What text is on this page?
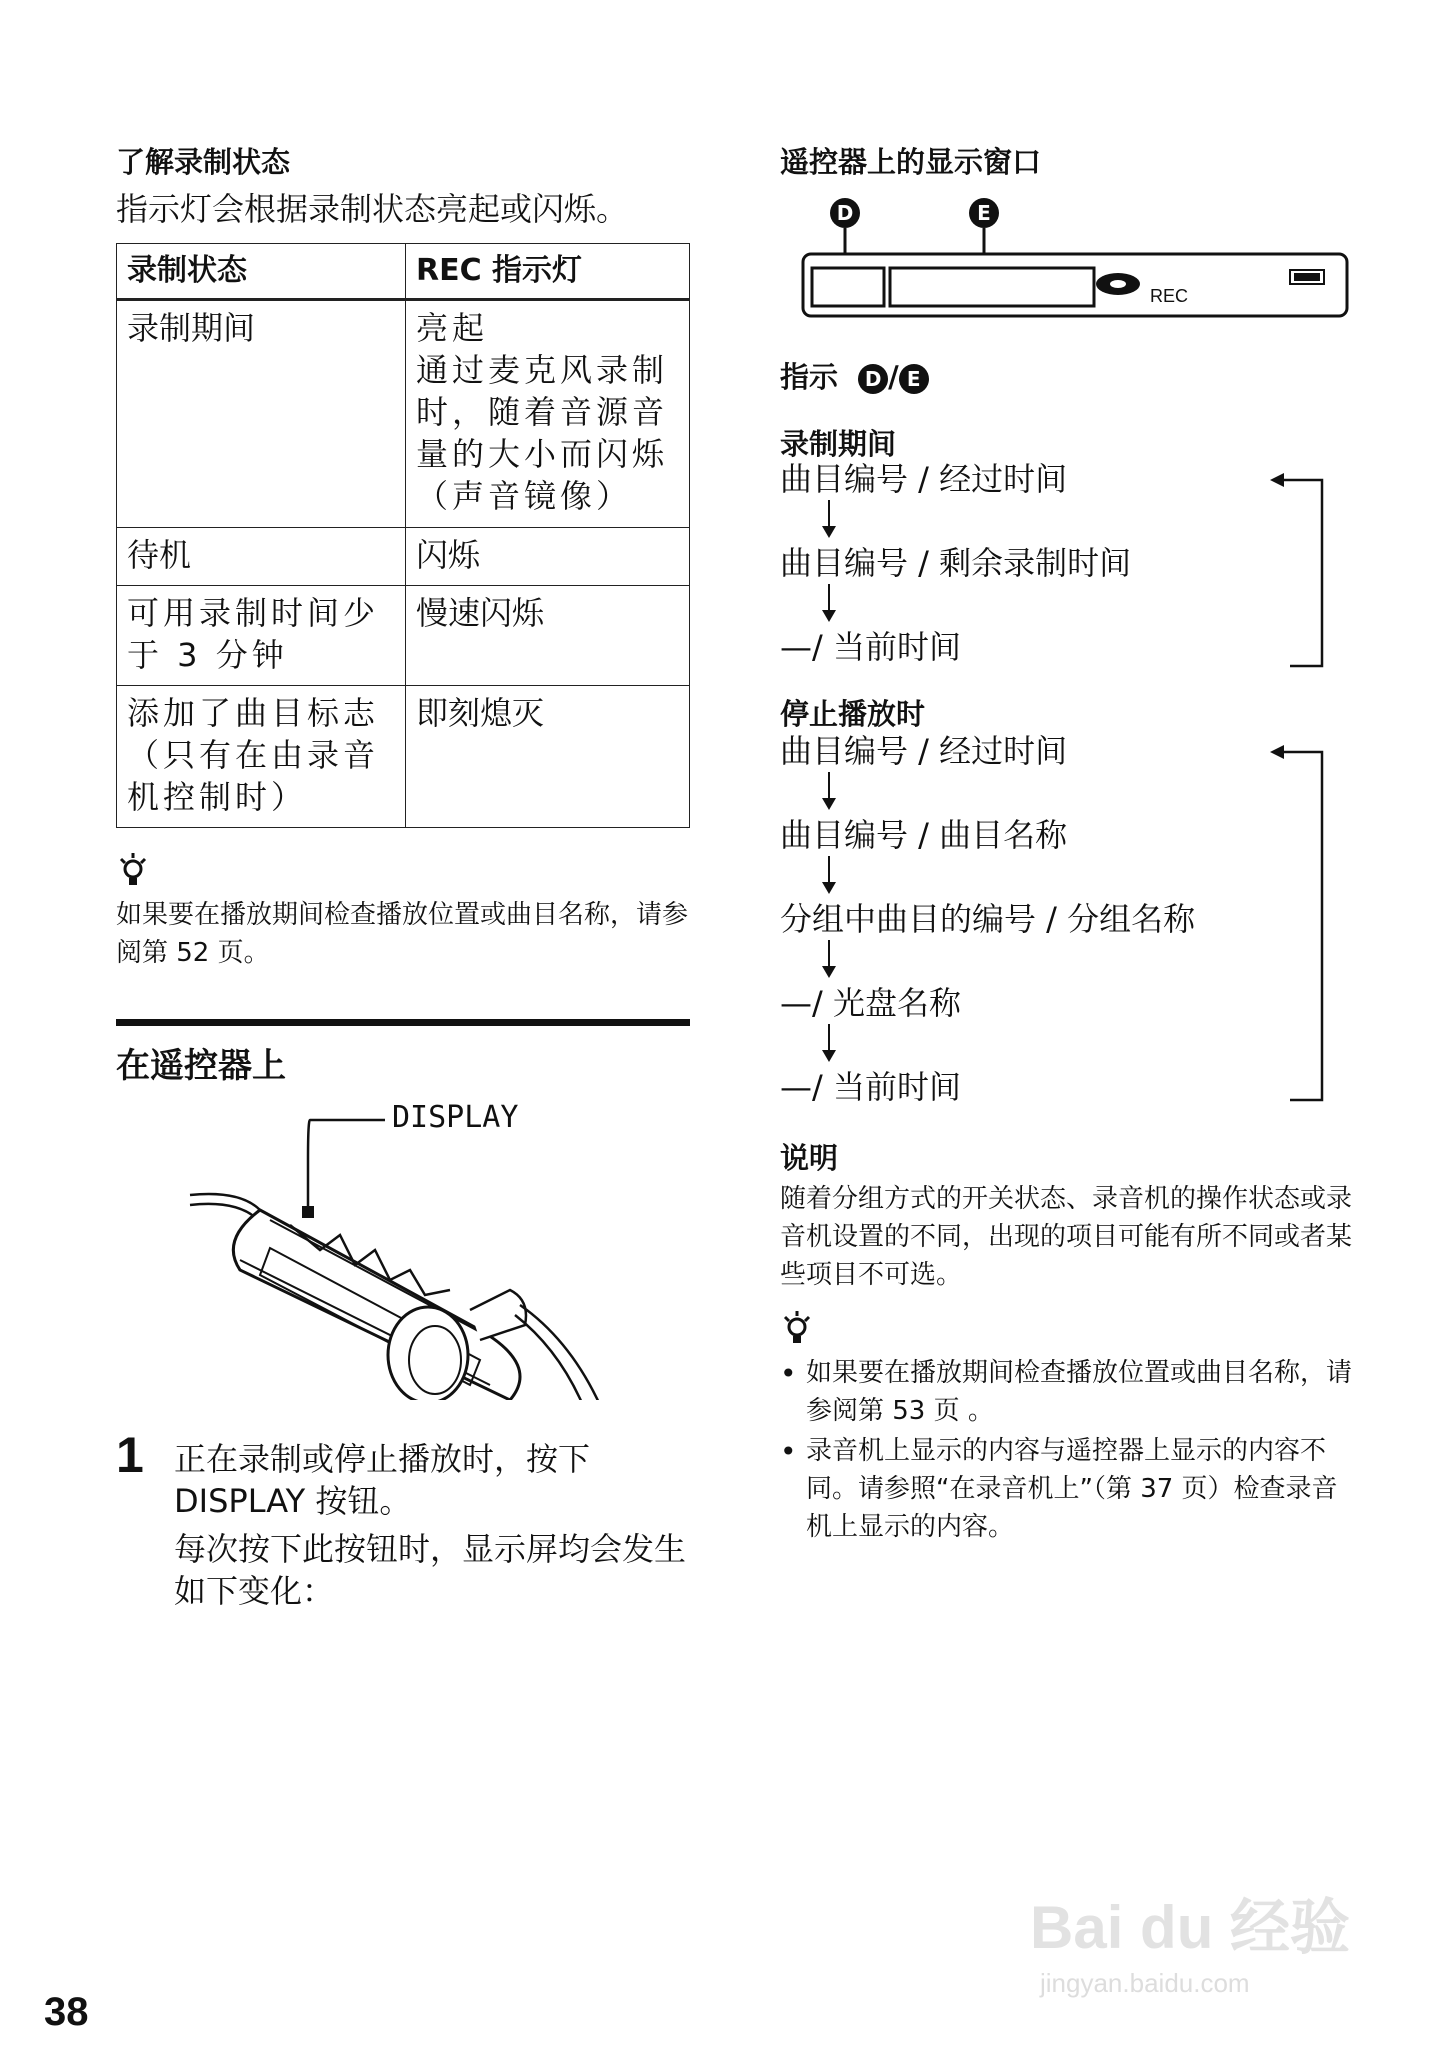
了解录制状态
指示灯会根据录制状态亮起或闪烁。
录制状态	REC 指示灯
录制期间	亮起
通过麦克风录制时，随着音源音量的大小而闪烁（声音镜像）

待机	闪烁
可用录制时间少于 3 分钟	慢速闪烁
添加了曲目标志（只有在由录音机控制时）	即刻熄灭
如果要在播放期间检查播放位置或曲目名称，请参阅第 52 页。
在遥控器上
DISPLAY
1 正在录制或停止播放时，按下
DISPLAY 按钮。
每次按下此按钮时，显示屏均会发生如下变化：
遥控器上的显示窗口
D	E
REC
指示 D / E
录制期间
曲目编号 / 经过时间
曲目编号 / 剩余录制时间
—/ 当前时间
停止播放时
曲目编号 / 经过时间
曲目编号 / 曲目名称
分组中曲目的编号 / 分组名称
—/ 光盘名称
—/ 当前时间
说明
随着分组方式的开关状态、录音机的操作状态或录音机设置的不同，出现的项目可能有所不同或者某些项目不可选。
• 如果要在播放期间检查播放位置或曲目名称，请参阅第 53 页 。
• 录音机上显示的内容与遥控器上显示的内容不同。请参照“在录音机上”（第 37 页）检查录音机上显示的内容。
Bai du 经验
jingyan.baidu.com
38
